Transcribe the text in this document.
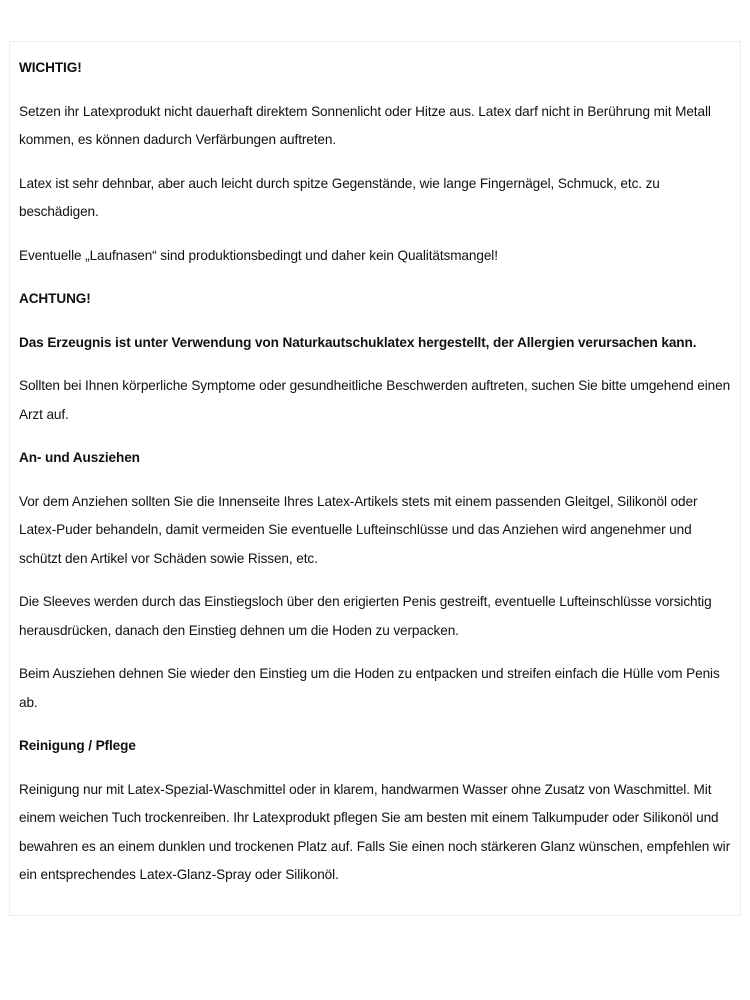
WICHTIG!

Setzen ihr Latexprodukt nicht dauerhaft direktem Sonnenlicht oder Hitze aus. Latex darf nicht in Berührung mit Metall kommen, es können dadurch Verfärbungen auftreten.

Latex ist sehr dehnbar, aber auch leicht durch spitze Gegenstände, wie lange Fingernägel, Schmuck, etc. zu beschädigen.

Eventuelle „Laufnasen“ sind produktionsbedingt und daher kein Qualitätsmangel!

ACHTUNG!

Das Erzeugnis ist unter Verwendung von Naturkautschuklatex hergestellt, der Allergien verursachen kann.

Sollten bei Ihnen körperliche Symptome oder gesundheitliche Beschwerden auftreten, suchen Sie bitte umgehend einen Arzt auf.

An- und Ausziehen

Vor dem Anziehen sollten Sie die Innenseite Ihres Latex-Artikels stets mit einem passenden Gleitgel, Silikonöl oder Latex-Puder behandeln, damit vermeiden Sie eventuelle Lufteinschlüsse und das Anziehen wird angenehmer und schützt den Artikel vor Schäden sowie Rissen, etc.

Die Sleeves werden durch das Einstiegsloch über den erigierten Penis gestreift, eventuelle Lufteinschlüsse vorsichtig herausdrücken, danach den Einstieg dehnen um die Hoden zu verpacken.

Beim Ausziehen dehnen Sie wieder den Einstieg um die Hoden zu entpacken und streifen einfach die Hülle vom Penis ab.

Reinigung / Pflege

Reinigung nur mit Latex-Spezial-Waschmittel oder in klarem, handwarmen Wasser ohne Zusatz von Waschmittel. Mit einem weichen Tuch trockenreiben. Ihr Latexprodukt pflegen Sie am besten mit einem Talkumpuder oder Silikonöl und bewahren es an einem dunklen und trockenen Platz auf. Falls Sie einen noch stärkeren Glanz wünschen, empfehlen wir ein entsprechendes Latex-Glanz-Spray oder Silikonöl.
